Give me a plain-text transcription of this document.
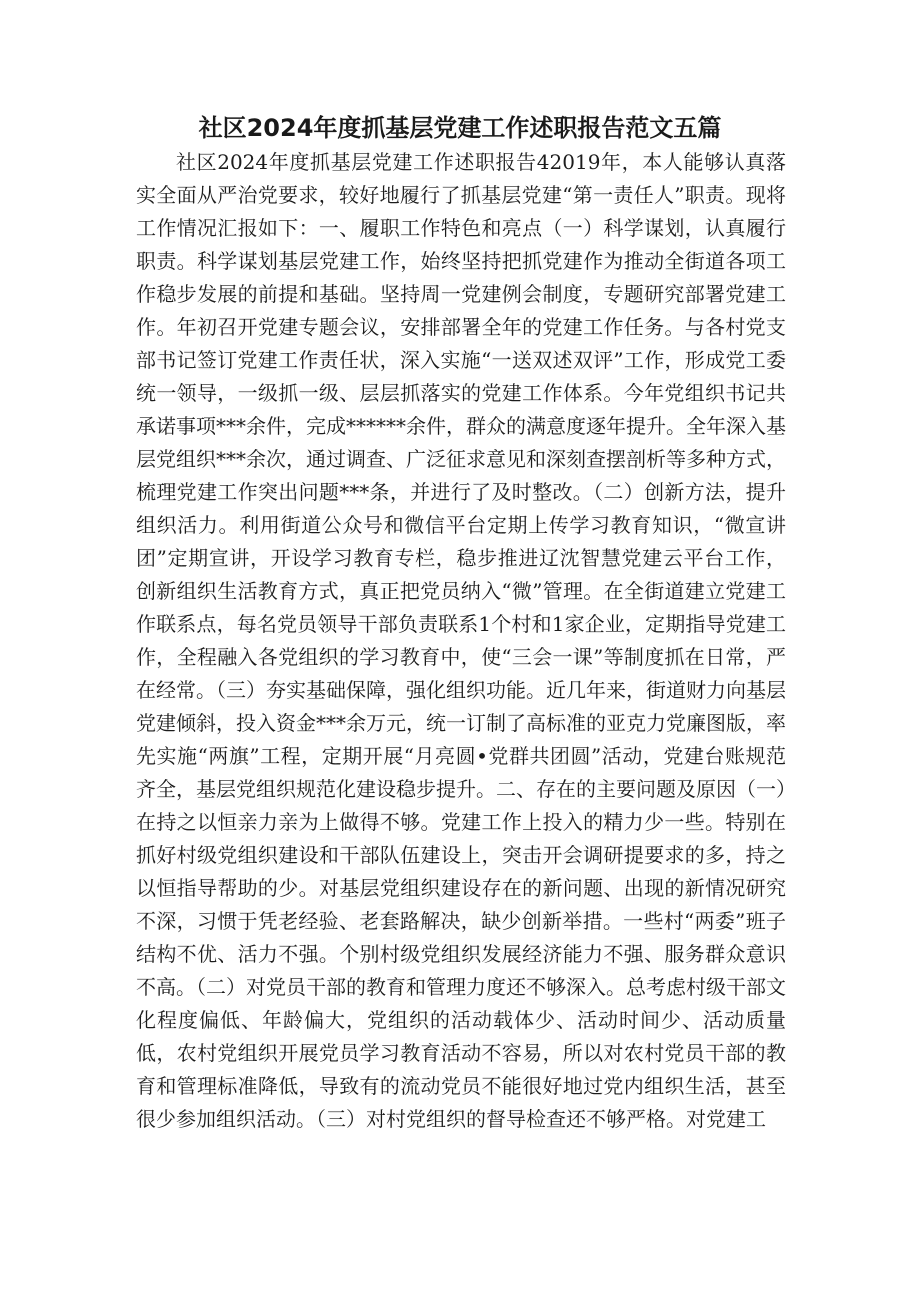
社区2024年度抓基层党建工作述职报告范文五篇

社区2024年度抓基层党建工作述职报告42019年，本人能够认真落实全面从严治党要求，较好地履行了抓基层党建“第一责任人”职责。现将工作情况汇报如下：一、履职工作特色和亮点（一）科学谋划，认真履行职责。科学谋划基层党建工作，始终坚持把抓党建作为推动全街道各项工作稳步发展的前提和基础。坚持周一党建例会制度，专题研究部署党建工作。年初召开党建专题会议，安排部署全年的党建工作任务。与各村党支部书记签订党建工作责任状，深入实施“一送双述双评”工作，形成党工委统一领导，一级抓一级、层层抓落实的党建工作体系。今年党组织书记共承诺事项***余件，完成******余件，群众的满意度逐年提升。全年深入基层党组织***余次，通过调查、广泛征求意见和深刻查摆剖析等多种方式，梳理党建工作突出问题***条，并进行了及时整改。（二）创新方法，提升组织活力。利用街道公众号和微信平台定期上传学习教育知识，“微宣讲团”定期宣讲，开设学习教育专栏，稳步推进辽沈智慧党建云平台工作，创新组织生活教育方式，真正把党员纳入“微”管理。在全街道建立党建工作联系点，每名党员领导干部负责联系1个村和1家企业，定期指导党建工作，全程融入各党组织的学习教育中，使“三会一课”等制度抓在日常，严在经常。（三）夯实基础保障，强化组织功能。近几年来，街道财力向基层党建倾斜，投入资金***余万元，统一订制了高标准的亚克力党廉图版，率先实施“两旗”工程，定期开展“月亮圆•党群共团圆”活动，党建台账规范齐全，基层党组织规范化建设稳步提升。二、存在的主要问题及原因（一）在持之以恒亲力亲为上做得不够。党建工作上投入的精力少一些。特别在抓好村级党组织建设和干部队伍建设上，突击开会调研提要求的多，持之以恒指导帮助的少。对基层党组织建设存在的新问题、出现的新情况研究不深，习惯于凭老经验、老套路解决，缺少创新举措。一些村“两委”班子结构不优、活力不强。个别村级党组织发展经济能力不强、服务群众意识不高。（二）对党员干部的教育和管理力度还不够深入。总考虑村级干部文化程度偏低、年龄偏大，党组织的活动载体少、活动时间少、活动质量低，农村党组织开展党员学习教育活动不容易，所以对农村党员干部的教育和管理标准降低，导致有的流动党员不能很好地过党内组织生活，甚至很少参加组织活动。（三）对村党组织的督导检查还不够严格。对党建工
